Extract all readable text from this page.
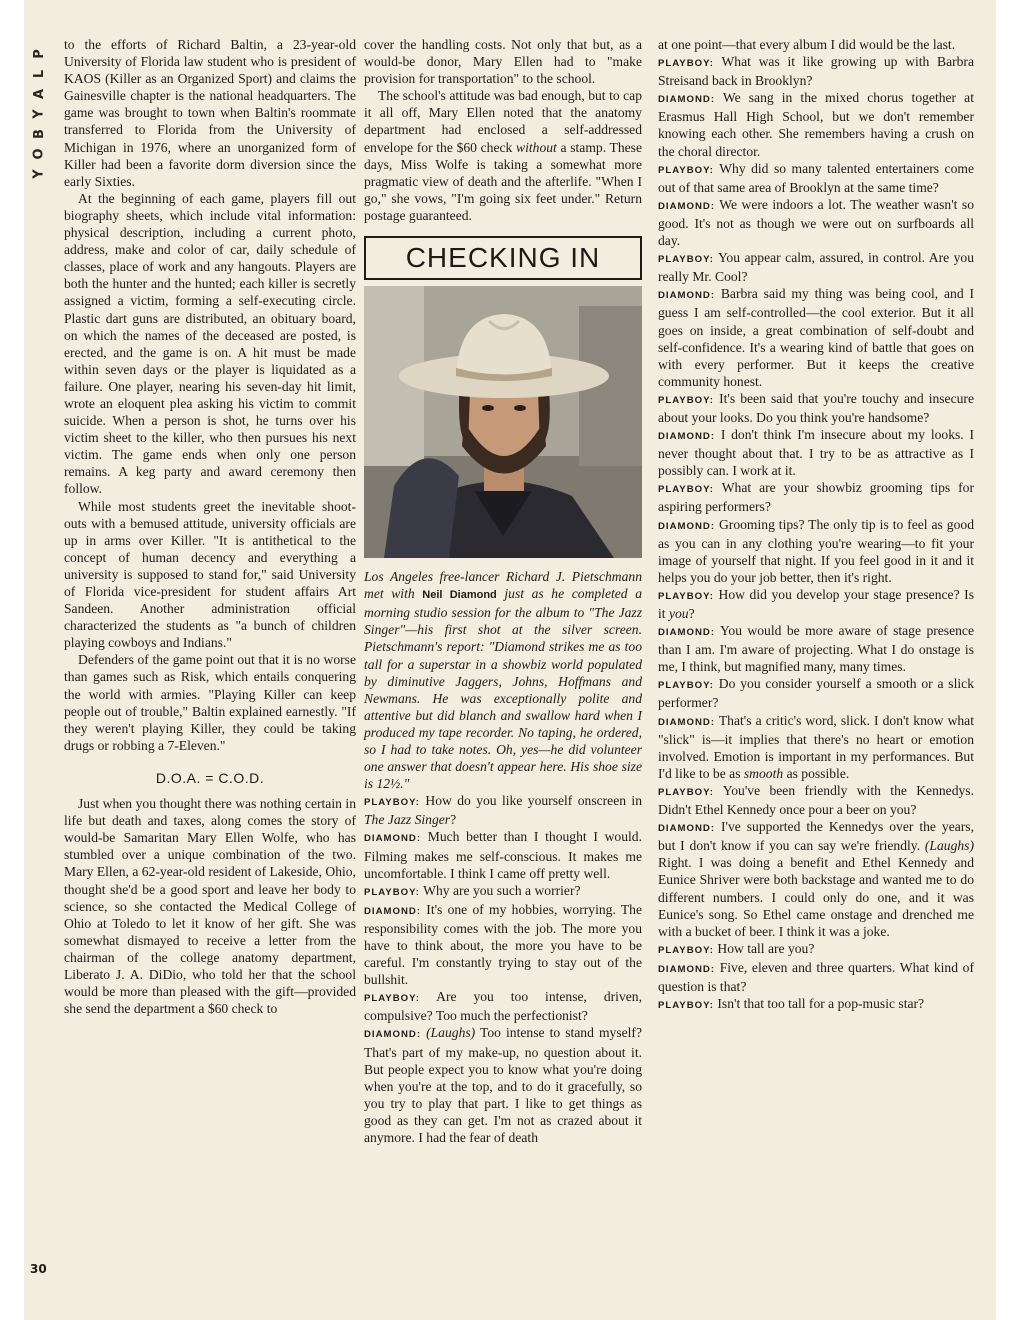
P
L
A
Y
B
O
Y
30

to the efforts of Richard Baltin, a 23-year-old University of Florida law student who is president of KAOS (Killer as an Organized Sport) and claims the Gainesville chapter is the national headquarters. The game was brought to town when Baltin's roommate transferred to Florida from the University of Michigan in 1976, where an unorganized form of Killer had been a favorite dorm diversion since the early Sixties.

At the beginning of each game, players fill out biography sheets, which include vital information: physical description, including a current photo, address, make and color of car, daily schedule of classes, place of work and any hangouts. Players are both the hunter and the hunted; each killer is secretly assigned a victim, forming a self-executing circle. Plastic dart guns are distributed, an obituary board, on which the names of the deceased are posted, is erected, and the game is on. A hit must be made within seven days or the player is liquidated as a failure. One player, nearing his seven-day hit limit, wrote an eloquent plea asking his victim to commit suicide. When a person is shot, he turns over his victim sheet to the killer, who then pursues his next victim. The game ends when only one person remains. A keg party and award ceremony then follow.

While most students greet the inevitable shoot-outs with a bemused attitude, university officials are up in arms over Killer. "It is antithetical to the concept of human decency and everything a university is supposed to stand for," said University of Florida vice-president for student affairs Art Sandeen. Another administration official characterized the students as "a bunch of children playing cowboys and Indians."

Defenders of the game point out that it is no worse than games such as Risk, which entails conquering the world with armies. "Playing Killer can keep people out of trouble," Baltin explained earnestly. "If they weren't playing Killer, they could be taking drugs or robbing a 7-Eleven."

D.O.A. = C.O.D.

Just when you thought there was nothing certain in life but death and taxes, along comes the story of would-be Samaritan Mary Ellen Wolfe, who has stumbled over a unique combination of the two. Mary Ellen, a 62-year-old resident of Lakeside, Ohio, thought she'd be a good sport and leave her body to science, so she contacted the Medical College of Ohio at Toledo to let it know of her gift. She was somewhat dismayed to receive a letter from the chairman of the college anatomy department, Liberato J. A. DiDio, who told her that the school would be more than pleased with the gift—provided she send the department a $60 check to

cover the handling costs. Not only that but, as a would-be donor, Mary Ellen had to "make provision for transportation" to the school.

The school's attitude was bad enough, but to cap it all off, Mary Ellen noted that the anatomy department had enclosed a self-addressed envelope for the $60 check without a stamp. These days, Miss Wolfe is taking a somewhat more pragmatic view of death and the afterlife. "When I go," she vows, "I'm going six feet under." Return postage guaranteed.

CHECKING IN

Los Angeles free-lancer Richard J. Pietschmann met with Neil Diamond just as he completed a morning studio session for the album to "The Jazz Singer"—his first shot at the silver screen. Pietschmann's report: "Diamond strikes me as too tall for a superstar in a showbiz world populated by diminutive Jaggers, Johns, Hoffmans and Newmans. He was exceptionally polite and attentive but did blanch and swallow hard when I produced my tape recorder. No taping, he ordered, so I had to take notes. Oh, yes—he did volunteer one answer that doesn't appear here. His shoe size is 12½."

PLAYBOY: How do you like yourself onscreen in The Jazz Singer?

DIAMOND: Much better than I thought I would. Filming makes me self-conscious. It makes me uncomfortable. I think I came off pretty well.

PLAYBOY: Why are you such a worrier?

DIAMOND: It's one of my hobbies, worrying. The responsibility comes with the job. The more you have to think about, the more you have to be careful. I'm constantly trying to stay out of the bullshit.

PLAYBOY: Are you too intense, driven, compulsive? Too much the perfectionist?

DIAMOND: (Laughs) Too intense to stand myself? That's part of my make-up, no question about it. But people expect you to know what you're doing when you're at the top, and to do it gracefully, so you try to play that part. I like to get things as good as they can get. I'm not as crazed about it anymore. I had the fear of death

at one point—that every album I did would be the last.

PLAYBOY: What was it like growing up with Barbra Streisand back in Brooklyn?

DIAMOND: We sang in the mixed chorus together at Erasmus Hall High School, but we don't remember knowing each other. She remembers having a crush on the choral director.

PLAYBOY: Why did so many talented entertainers come out of that same area of Brooklyn at the same time?

DIAMOND: We were indoors a lot. The weather wasn't so good. It's not as though we were out on surfboards all day.

PLAYBOY: You appear calm, assured, in control. Are you really Mr. Cool?

DIAMOND: Barbra said my thing was being cool, and I guess I am self-controlled—the cool exterior. But it all goes on inside, a great combination of self-doubt and self-confidence. It's a wearing kind of battle that goes on with every performer. But it keeps the creative community honest.

PLAYBOY: It's been said that you're touchy and insecure about your looks. Do you think you're handsome?

DIAMOND: I don't think I'm insecure about my looks. I never thought about that. I try to be as attractive as I possibly can. I work at it.

PLAYBOY: What are your showbiz grooming tips for aspiring performers?

DIAMOND: Grooming tips? The only tip is to feel as good as you can in any clothing you're wearing—to fit your image of yourself that night. If you feel good in it and it helps you do your job better, then it's right.

PLAYBOY: How did you develop your stage presence? Is it you?

DIAMOND: You would be more aware of stage presence than I am. I'm aware of projecting. What I do onstage is me, I think, but magnified many, many times.

PLAYBOY: Do you consider yourself a smooth or a slick performer?

DIAMOND: That's a critic's word, slick. I don't know what "slick" is—it implies that there's no heart or emotion involved. Emotion is important in my performances. But I'd like to be as smooth as possible.

PLAYBOY: You've been friendly with the Kennedys. Didn't Ethel Kennedy once pour a beer on you?

DIAMOND: I've supported the Kennedys over the years, but I don't know if you can say we're friendly. (Laughs) Right. I was doing a benefit and Ethel Kennedy and Eunice Shriver were both backstage and wanted me to do different numbers. I could only do one, and it was Eunice's song. So Ethel came onstage and drenched me with a bucket of beer. I think it was a joke.

PLAYBOY: How tall are you?

DIAMOND: Five, eleven and three quarters. What kind of question is that?

PLAYBOY: Isn't that too tall for a pop-music star?
